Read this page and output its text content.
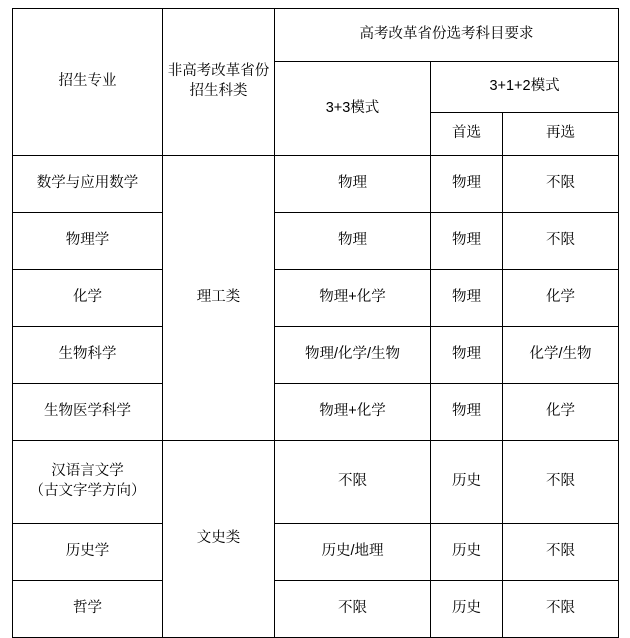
招生专业	非高考改革省份招生科类	高考改革省份选考科目要求		
		3+3模式	3+1+2模式	
			首选	再选
数学与应用数学	理工类	物理	物理	不限
物理学		物理	物理	不限
化学		物理+化学	物理	化学
生物科学		物理/化学/生物	物理	化学/生物
生物医学科学		物理+化学	物理	化学

汉语言文学
（古文字学方向）	文史类	不限	历史	不限
历史学		历史/地理	历史	不限
哲学		不限	历史	不限
